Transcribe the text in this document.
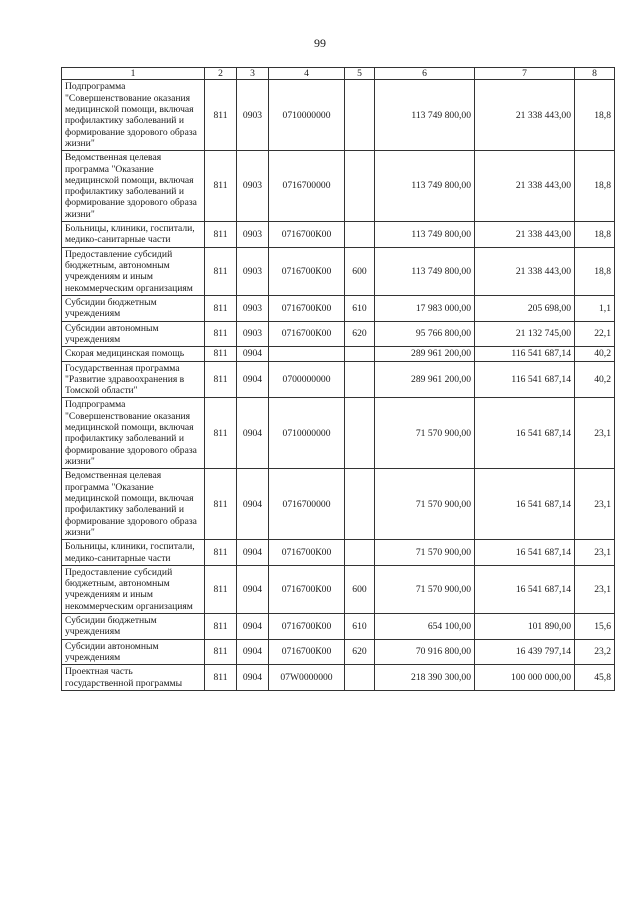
99
1	2	3	4	5	6	7	8
Подпрограмма "Совершенствование оказания медицинской помощи, включая профилактику заболеваний и формирование здорового образа жизни"	811	0903	0710000000		113 749 800,00	21 338 443,00	18,8
Ведомственная целевая программа "Оказание медицинской помощи, включая профилактику заболеваний и формирование здорового образа жизни"	811	0903	0716700000		113 749 800,00	21 338 443,00	18,8
Больницы, клиники, госпитали, медико-санитарные части	811	0903	0716700К00		113 749 800,00	21 338 443,00	18,8
Предоставление субсидий бюджетным, автономным учреждениям и иным некоммерческим организациям	811	0903	0716700К00	600	113 749 800,00	21 338 443,00	18,8
Субсидии бюджетным учреждениям	811	0903	0716700К00	610	17 983 000,00	205 698,00	1,1
Субсидии автономным учреждениям	811	0903	0716700К00	620	95 766 800,00	21 132 745,00	22,1
Скорая медицинская помощь	811	0904			289 961 200,00	116 541 687,14	40,2
Государственная программа "Развитие здравоохранения в Томской области"	811	0904	0700000000		289 961 200,00	116 541 687,14	40,2
Подпрограмма "Совершенствование оказания медицинской помощи, включая профилактику заболеваний и формирование здорового образа жизни"	811	0904	0710000000		71 570 900,00	16 541 687,14	23,1
Ведомственная целевая программа "Оказание медицинской помощи, включая профилактику заболеваний и формирование здорового образа жизни"	811	0904	0716700000		71 570 900,00	16 541 687,14	23,1
Больницы, клиники, госпитали, медико-санитарные части	811	0904	0716700К00		71 570 900,00	16 541 687,14	23,1
Предоставление субсидий бюджетным, автономным учреждениям и иным некоммерческим организациям	811	0904	0716700К00	600	71 570 900,00	16 541 687,14	23,1
Субсидии бюджетным учреждениям	811	0904	0716700К00	610	654 100,00	101 890,00	15,6
Субсидии автономным учреждениям	811	0904	0716700К00	620	70 916 800,00	16 439 797,14	23,2
Проектная часть государственной программы	811	0904	07W0000000		218 390 300,00	100 000 000,00	45,8
